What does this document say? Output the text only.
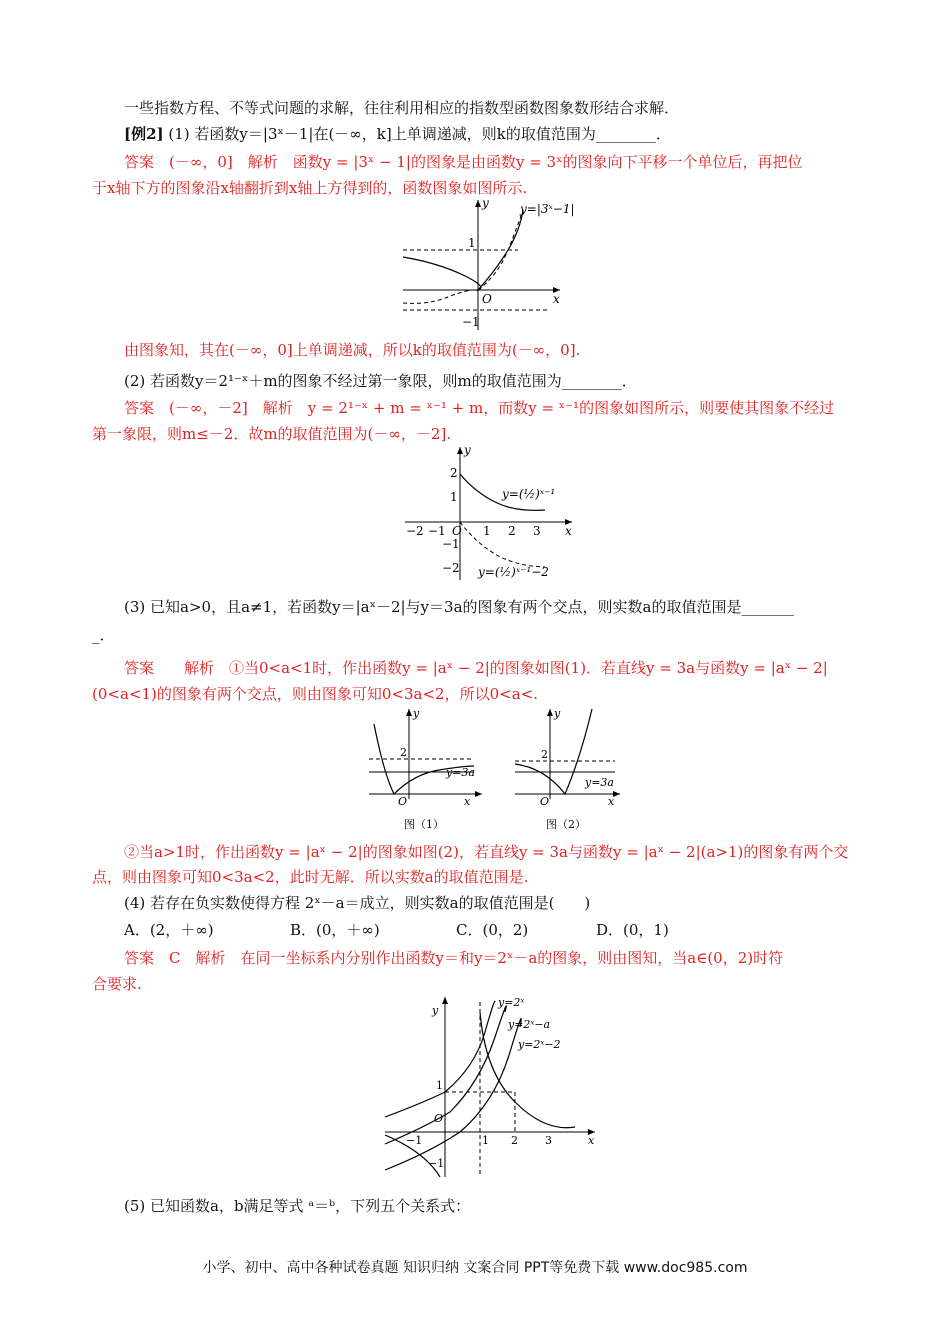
一些指数方程、不等式问题的求解，往往利用相应的指数型函数图象数形结合求解．
[例2] (1) 若函数y＝|3ˣ－1|在(－∞，k]上单调递减，则k的取值范围为________．
答案　(－∞，0]　解析　函数y = |3ˣ − 1|的图象是由函数y = 3ˣ的图象向下平移一个单位后，再把位
于x轴下方的图象沿x轴翻折到x轴上方得到的，函数图象如图所示.
y=|3ˣ−1|
1
−1
O	x
y
由图象知，其在(－∞，0]上单调递减，所以k的取值范围为(－∞，0].
(2) 若函数y＝2¹⁻ˣ＋m的图象不经过第一象限，则m的取值范围为________．
答案　(－∞，－2]　解析　y = 2¹⁻ˣ + m = ˣ⁻¹ + m，而数y = ˣ⁻¹的图象如图所示，则要使其图象不经过
第一象限，则m≤－2．故m的取值范围为(－∞，－2].
y=(½)ˣ⁻¹
y=(½)ˣ⁻¹−2
−2 −1 O 1 2 3
2
1
−1
−2
x
y
(3) 已知a>0，且a≠1，若函数y＝|aˣ－2|与y＝3a的图象有两个交点，则实数a的取值范围是_______
_．
答案　　解析　①当0<a<1时，作出函数y = |aˣ − 2|的图象如图(1)．若直线y = 3a与函数y = |aˣ − 2|
(0<a<1)的图象有两个交点，则由图象可知0<3a<2，所以0<a<.
y=3a
2
O	x
y
图（1）
y=3a
2
O	x
y
图（2）
②当a>1时，作出函数y = |aˣ − 2|的图象如图(2)，若直线y = 3a与函数y = |aˣ − 2|(a>1)的图象有两个交
点，则由图象可知0<3a<2，此时无解．所以实数a的取值范围是.
(4) 若存在负实数使得方程 2ˣ－a＝成立，则实数a的取值范围是(　　)
A．(2，＋∞)	B．(0，＋∞)	C．(0，2)	D．(0，1)
答案　C　解析　在同一坐标系内分别作出函数y＝和y＝2ˣ－a的图象，则由图知，当a∈(0，2)时符
合要求.
y=2ˣ
y=2ˣ−a
y=2ˣ−2
−1	1 2 3
1
−1
O
x
y
(5) 已知函数a，b满足等式 ᵃ＝ᵇ，下列五个关系式：
小学、初中、高中各种试卷真题 知识归纳 文案合同 PPT等免费下载 www.doc985.com
